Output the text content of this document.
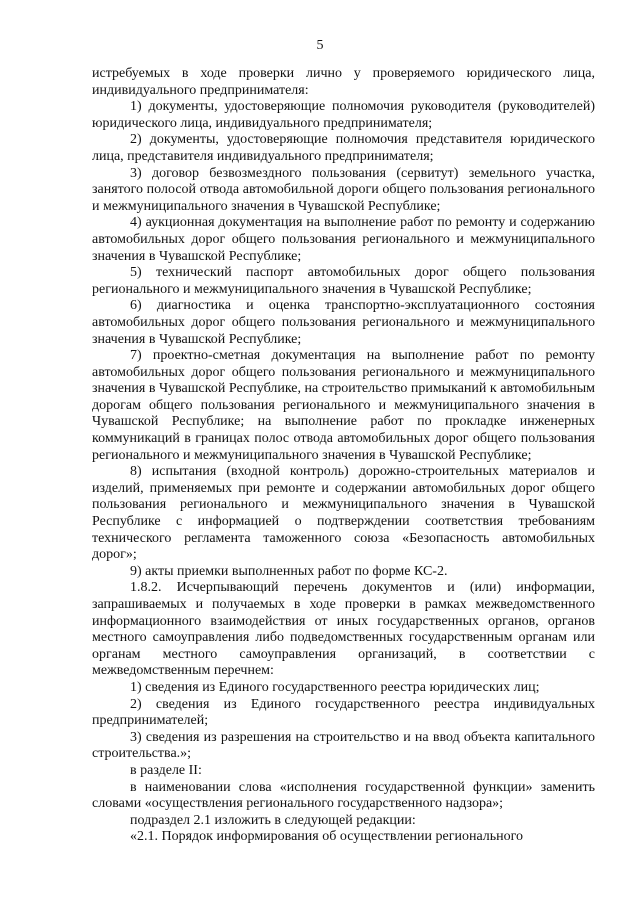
5

истребуемых в ходе проверки лично у проверяемого юридического лица, индивидуального предпринимателя:

1) документы, удостоверяющие полномочия руководителя (руководителей) юридического лица, индивидуального предпринимателя;

2) документы, удостоверяющие полномочия представителя юридического лица, представителя индивидуального предпринимателя;

3) договор безвозмездного пользования (сервитут) земельного участка, занятого полосой отвода автомобильной дороги общего пользования регионального и межмуниципального значения в Чувашской Республике;

4) аукционная документация на выполнение работ по ремонту и содержанию автомобильных дорог общего пользования регионального и межмуниципального значения в Чувашской Республике;

5) технический паспорт автомобильных дорог общего пользования регионального и межмуниципального значения в Чувашской Республике;

6) диагностика и оценка транспортно-эксплуатационного состояния автомобильных дорог общего пользования регионального и межмуниципального значения в Чувашской Республике;

7) проектно-сметная документация на выполнение работ по ремонту автомобильных дорог общего пользования регионального и межмуниципального значения в Чувашской Республике, на строительство примыканий к автомобильным дорогам общего пользования регионального и межмуниципального значения в Чувашской Республике; на выполнение работ по прокладке инженерных коммуникаций в границах полос отвода автомобильных дорог общего пользования регионального и межмуниципального значения в Чувашской Республике;

8) испытания (входной контроль) дорожно-строительных материалов и изделий, применяемых при ремонте и содержании автомобильных дорог общего пользования регионального и межмуниципального значения в Чувашской Республике с информацией о подтверждении соответствия требованиям технического регламента таможенного союза «Безопасность автомобильных дорог»;

9) акты приемки выполненных работ по форме КС-2.

1.8.2. Исчерпывающий перечень документов и (или) информации, запрашиваемых и получаемых в ходе проверки в рамках межведомственного информационного взаимодействия от иных государственных органов, органов местного самоуправления либо подведомственных государственным органам или органам местного самоуправления организаций, в соответствии с межведомственным перечнем:

1) сведения из Единого государственного реестра юридических лиц;

2) сведения из Единого государственного реестра индивидуальных предпринимателей;

3) сведения из разрешения на строительство и на ввод объекта капитального строительства.»;

в разделе II:

в наименовании слова «исполнения государственной функции» заменить словами «осуществления регионального государственного надзора»;

подраздел 2.1 изложить в следующей редакции:

«2.1. Порядок информирования об осуществлении регионального
